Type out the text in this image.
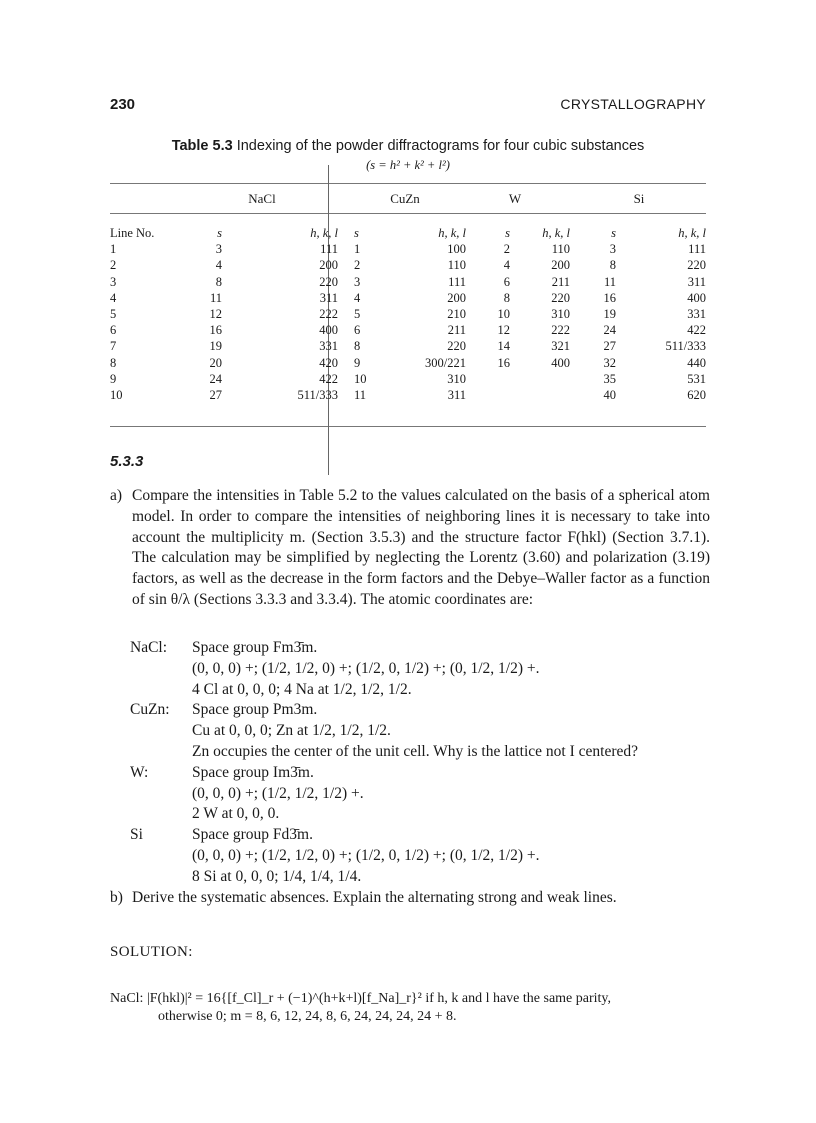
230	CRYSTALLOGRAPHY
Table 5.3 Indexing of the powder diffractograms for four cubic substances
(s = h² + k² + l²)
NaCl	CuZn	W	Si
Line No.	s	h, k, l	s	h, k, l	s	h, k, l	s	h, k, l
1	3	111	1	100	2	110	3	111
2	4	200	2	110	4	200	8	220
3	8	220	3	111	6	211	11	311
4	11	311	4	200	8	220	16	400
5	12	222	5	210	10	310	19	331
6	16	400	6	211	12	222	24	422
7	19	331	8	220	14	321	27	511/333
8	20	420	9	300/221	16	400	32	440
9	24	422	10	310			35	531
10	27	511/333	11	311			40	620
5.3.3
a) Compare the intensities in Table 5.2 to the values calculated on the basis of a spherical atom model. In order to compare the intensities of neighboring lines it is necessary to take into account the multiplicity m. (Section 3.5.3) and the structure factor F(hkl) (Section 3.7.1). The calculation may be simplified by neglecting the Lorentz (3.60) and polarization (3.19) factors, as well as the decrease in the form factors and the Debye–Waller factor as a function of sin θ/λ (Sections 3.3.3 and 3.3.4). The atomic coordinates are:
NaCl:	Space group Fm3̄m.
(0, 0, 0) +; (1/2, 1/2, 0) +; (1/2, 0, 1/2) +; (0, 1/2, 1/2) +.
4 Cl at 0, 0, 0; 4 Na at 1/2, 1/2, 1/2.
CuZn:	Space group Pm3m.
Cu at 0, 0, 0; Zn at 1/2, 1/2, 1/2.
Zn occupies the center of the unit cell. Why is the lattice not I centered?
W:	Space group Im3̄m.
(0, 0, 0) +; (1/2, 1/2, 1/2) +.
2 W at 0, 0, 0.
Si	Space group Fd3̄m.
(0, 0, 0) +; (1/2, 1/2, 0) +; (1/2, 0, 1/2) +; (0, 1/2, 1/2) +.
8 Si at 0, 0, 0; 1/4, 1/4, 1/4.
b) Derive the systematic absences. Explain the alternating strong and weak lines.
SOLUTION:
NaCl: |F(hkl)|² = 16{[f_Cl]_r + (−1)^(h+k+l)[f_Na]_r}² if h, k and l have the same parity,
otherwise 0; m = 8, 6, 12, 24, 8, 6, 24, 24, 24, 24 + 8.
